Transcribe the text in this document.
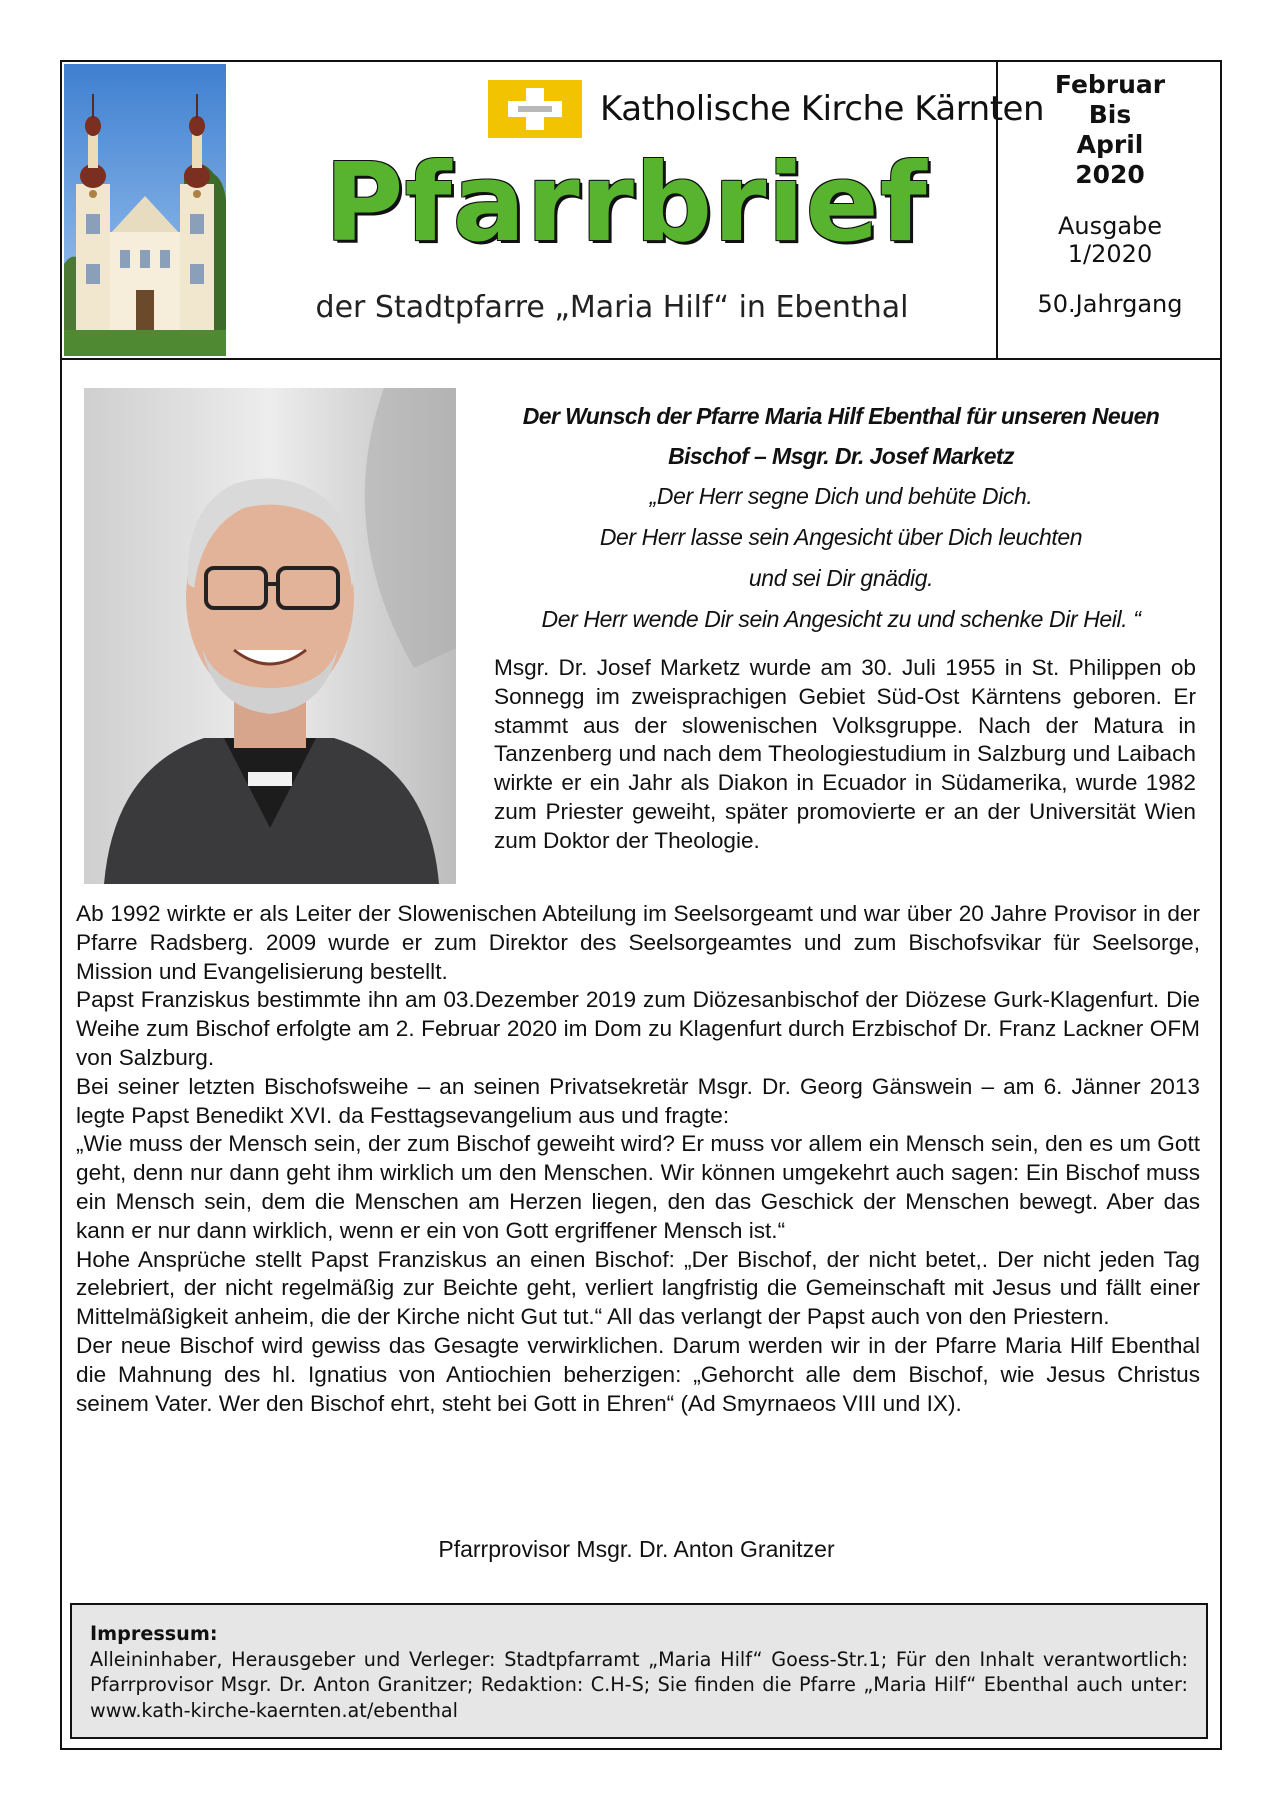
Katholische Kirche Kärnten
Pfarrbrief
der Stadtpfarre „Maria Hilf“ in Ebenthal
Februar
Bis
April
2020
Ausgabe
1/2020
50.Jahrgang
Der Wunsch der Pfarre Maria Hilf Ebenthal für unseren Neuen
Bischof – Msgr. Dr. Josef Marketz
„Der Herr segne Dich und behüte Dich.
Der Herr lasse sein Angesicht über Dich leuchten
und sei Dir gnädig.
Der Herr wende Dir sein Angesicht zu und schenke Dir Heil. “
Msgr. Dr. Josef Marketz wurde am 30. Juli 1955 in St. Philippen ob Sonnegg im zweisprachigen Gebiet Süd-Ost Kärntens geboren. Er stammt aus der slowenischen Volksgruppe. Nach der Matura in Tanzenberg und nach dem Theologiestudium in Salzburg und Laibach wirkte er ein Jahr als Diakon in Ecuador in Südamerika, wurde 1982 zum Priester geweiht, später promovierte er an der Universität Wien zum Doktor der Theologie.

Ab 1992 wirkte er als Leiter der Slowenischen Abteilung im Seelsorgeamt und war über 20 Jahre Provisor in der Pfarre Radsberg. 2009 wurde er zum Direktor des Seelsorgeamtes und zum Bischofsvikar für Seelsorge, Mission und Evangelisierung bestellt.

Papst Franziskus bestimmte ihn am 03.Dezember 2019 zum Diözesanbischof der Diözese Gurk-Klagenfurt. Die Weihe zum Bischof erfolgte am 2. Februar 2020 im Dom zu Klagenfurt durch Erzbischof Dr. Franz Lackner OFM von Salzburg.

Bei seiner letzten Bischofsweihe – an seinen Privatsekretär Msgr. Dr. Georg Gänswein – am 6. Jänner 2013 legte Papst Benedikt XVI. da Festtagsevangelium aus und fragte:

„Wie muss der Mensch sein, der zum Bischof geweiht wird? Er muss vor allem ein Mensch sein, den es um Gott geht, denn nur dann geht ihm wirklich um den Menschen. Wir können umgekehrt auch sagen: Ein Bischof muss ein Mensch sein, dem die Menschen am Herzen liegen, den das Geschick der Menschen bewegt. Aber das kann er nur dann wirklich, wenn er ein von Gott ergriffener Mensch ist.“

Hohe Ansprüche stellt Papst Franziskus an einen Bischof: „Der Bischof, der nicht betet,. Der nicht jeden Tag zelebriert, der nicht regelmäßig zur Beichte geht, verliert langfristig die Gemeinschaft mit Jesus und fällt einer Mittelmäßigkeit anheim, die der Kirche nicht Gut tut.“ All das verlangt der Papst auch von den Priestern.

Der neue Bischof wird gewiss das Gesagte verwirklichen. Darum werden wir in der Pfarre Maria Hilf Ebenthal die Mahnung des hl. Ignatius von Antiochien beherzigen: „Gehorcht alle dem Bischof, wie Jesus Christus seinem Vater. Wer den Bischof ehrt, steht bei Gott in Ehren“ (Ad Smyrnaeos VIII und IX).

Pfarrprovisor Msgr. Dr. Anton Granitzer
Impressum:
Alleininhaber, Herausgeber und Verleger: Stadtpfarramt „Maria Hilf“ Goess-Str.1; Für den Inhalt verantwortlich: Pfarrprovisor Msgr. Dr. Anton Granitzer; Redaktion: C.H-S; Sie finden die Pfarre „Maria Hilf“ Ebenthal auch unter: www.kath-kirche-kaernten.at/ebenthal
